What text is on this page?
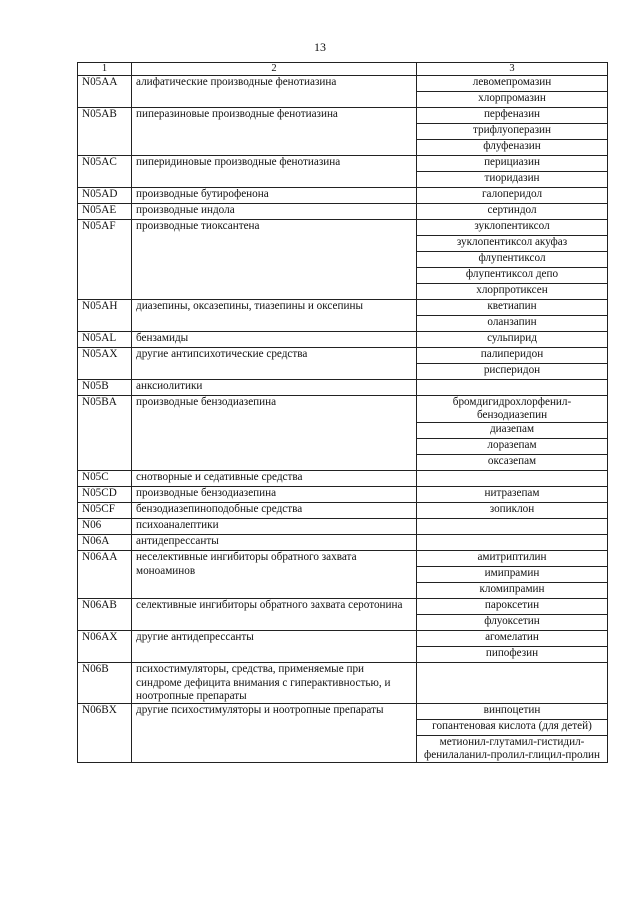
13
1	2	3
N05AA	алифатические производные фенотиазина	левомепромазин
		хлорпромазин
N05AB	пиперазиновые производные фенотиазина	перфеназин
		трифлуоперазин
		флуфеназин
N05AC	пиперидиновые производные фенотиазина	перициазин
		тиоридазин
N05AD	производные бутирофенона	галоперидол
N05AE	производные индола	сертиндол
N05AF	производные тиоксантена	зуклопентиксол
		зуклопентиксол акуфаз
		флупентиксол
		флупентиксол депо
		хлорпротиксен
N05AH	диазепины, оксазепины, тиазепины и оксепины	кветиапин
		оланзапин
N05AL	бензамиды	сульпирид
N05AX	другие антипсихотические средства	палиперидон
		рисперидон
N05B	анксиолитики	
N05BA	производные бензодиазепина	бромдигидрохлорфенил-бензодиазепин
		диазепам
		лоразепам
		оксазепам
N05C	снотворные и седативные средства	
N05CD	производные бензодиазепина	нитразепам
N05CF	бензодиазепиноподобные средства	зопиклон
N06	психоаналептики	
N06A	антидепрессанты	
N06AA	неселективные ингибиторы обратного захвата моноаминов	амитриптилин
		имипрамин
		кломипрамин
N06AB	селективные ингибиторы обратного захвата серотонина	пароксетин
		флуоксетин
N06AX	другие антидепрессанты	агомелатин
		пипофезин
N06B	психостимуляторы, средства, применяемые при синдроме дефицита внимания с гиперактивностью, и ноотропные препараты	
N06BX	другие психостимуляторы и ноотропные препараты	винпоцетин
		гопантеновая кислота (для детей)
		метионил-глутамил-гистидил-фенилаланил-пролил-глицил-пролин
